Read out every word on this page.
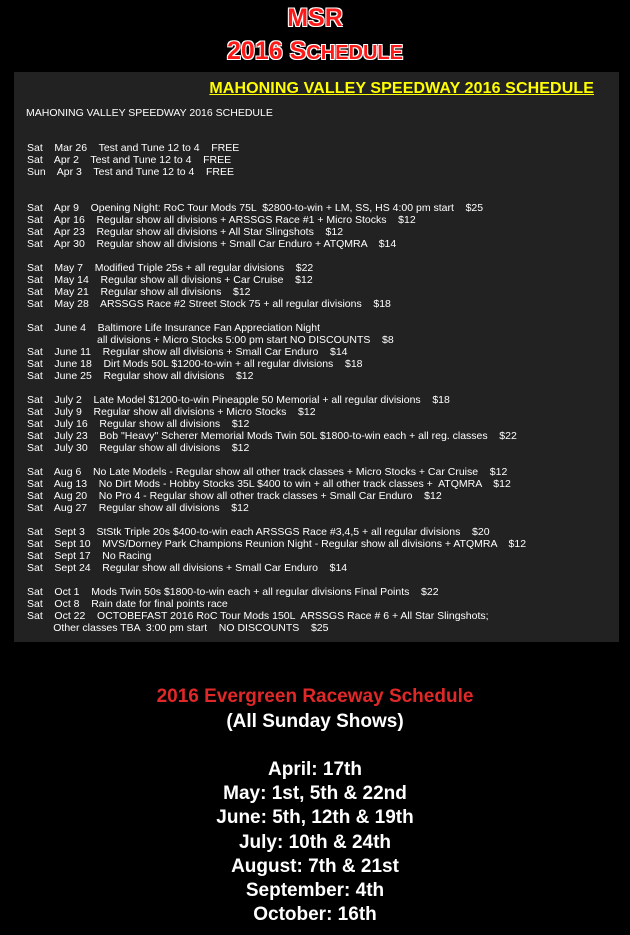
MSR
2016 SCHEDULE
MAHONING VALLEY SPEEDWAY 2016 SCHEDULE
MAHONING VALLEY SPEEDWAY 2016 SCHEDULE
Sat    Mar 26    Test and Tune 12 to 4    FREE
Sat    Apr 2    Test and Tune 12 to 4    FREE
Sun    Apr 3    Test and Tune 12 to 4    FREE
Sat    Apr 9    Opening Night: RoC Tour Mods 75L  $2800-to-win + LM, SS, HS 4:00 pm start    $25
Sat    Apr 16    Regular show all divisions + ARSSGS Race #1 + Micro Stocks    $12
Sat    Apr 23    Regular show all divisions + All Star Slingshots    $12
Sat    Apr 30    Regular show all divisions + Small Car Enduro + ATQMRA    $14
Sat    May 7    Modified Triple 25s + all regular divisions    $22
Sat    May 14    Regular show all divisions + Car Cruise    $12
Sat    May 21    Regular show all divisions    $12
Sat    May 28    ARSSGS Race #2 Street Stock 75 + all regular divisions    $18
Sat    June 4    Baltimore Life Insurance Fan Appreciation Night
all divisions + Micro Stocks 5:00 pm start NO DISCOUNTS    $8
Sat    June 11    Regular show all divisions + Small Car Enduro    $14
Sat    June 18    Dirt Mods 50L $1200-to-win + all regular divisions    $18
Sat    June 25    Regular show all divisions    $12
Sat    July 2    Late Model $1200-to-win Pineapple 50 Memorial + all regular divisions    $18
Sat    July 9    Regular show all divisions + Micro Stocks    $12
Sat    July 16    Regular show all divisions    $12
Sat    July 23    Bob "Heavy" Scherer Memorial Mods Twin 50L $1800-to-win each + all reg. classes    $22
Sat    July 30    Regular show all divisions    $12
Sat    Aug 6    No Late Models - Regular show all other track classes + Micro Stocks + Car Cruise    $12
Sat    Aug 13    No Dirt Mods - Hobby Stocks 35L $400 to win + all other track classes +  ATQMRA    $12
Sat    Aug 20    No Pro 4 - Regular show all other track classes + Small Car Enduro    $12
Sat    Aug 27    Regular show all divisions    $12
Sat    Sept 3    StStk Triple 20s $400-to-win each ARSSGS Race #3,4,5 + all regular divisions    $20
Sat    Sept 10    MVS/Dorney Park Champions Reunion Night - Regular show all divisions + ATQMRA    $12
Sat    Sept 17    No Racing
Sat    Sept 24    Regular show all divisions + Small Car Enduro    $14
Sat    Oct 1    Mods Twin 50s $1800-to-win each + all regular divisions Final Points    $22
Sat    Oct 8    Rain date for final points race
Sat    Oct 22    OCTOBEFAST 2016 RoC Tour Mods 150L  ARSSGS Race # 6 + All Star Slingshots;
Other classes TBA  3:00 pm start    NO DISCOUNTS    $25
2016 Evergreen Raceway Schedule
(All Sunday Shows)
April: 17th
May: 1st, 5th & 22nd
June: 5th, 12th & 19th
July: 10th & 24th
August: 7th & 21st
September: 4th
October: 16th
